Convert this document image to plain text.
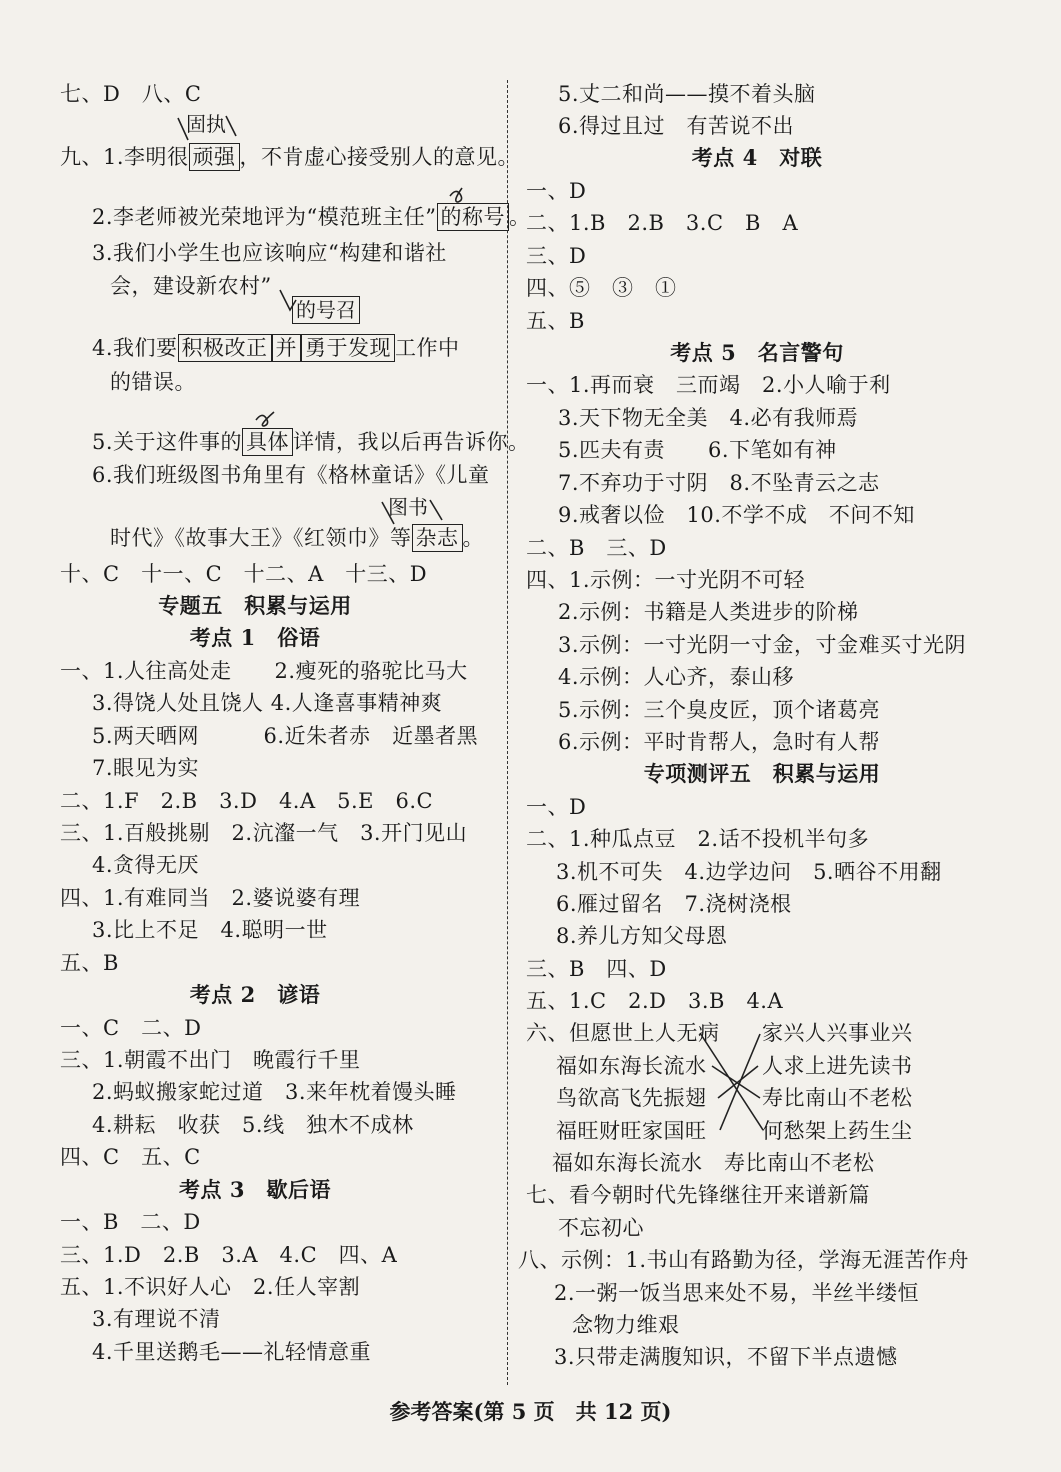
七、D　八、C
固执
九、1.李明很 顽强 ，不肯虚心接受别人的意见。
2.李老师被光荣地评为“模范班主任” 的称号 。
3.我们小学生也应该响应“构建和谐社
会，建设新农村”
的号召
4.我们要 积极改正 并 勇于发现 工作中
的错误。
5.关于这件事的 具体 详情，我以后再告诉你。
6.我们班级图书角里有《格林童话》《儿童
图书
时代》《故事大王》《红领巾》等 杂志 。
十、C　十一、C　十二、A　十三、D
专题五　积累与运用
考点 1　俗语
一、1.人往高处走　　2.瘦死的骆驼比马大
3.得饶人处且饶人 4.人逢喜事精神爽
5.两天晒网　　　6.近朱者赤　近墨者黑
7.眼见为实
二、1.F　2.B　3.D　4.A　5.E　6.C
三、1.百般挑剔　2.沆瀣一气　3.开门见山
4.贪得无厌
四、1.有难同当　2.婆说婆有理
3.比上不足　4.聪明一世
五、B
考点 2　谚语
一、C　二、D
三、1.朝霞不出门　晚霞行千里
2.蚂蚁搬家蛇过道　3.来年枕着馒头睡
4.耕耘　收获　5.线　独木不成林
四、C　五、C
考点 3　歇后语
一、B　二、D
三、1.D　2.B　3.A　4.C　四、A
五、1.不识好人心　2.任人宰割
3.有理说不清
4.千里送鹅毛——礼轻情意重
5.丈二和尚——摸不着头脑
6.得过且过　有苦说不出
考点 4　对联
一、D
二、1.B　2.B　3.C　B　A
三、D
四、⑤　③　①
五、B
考点 5　名言警句
一、1.再而衰　三而竭　2.小人喻于利
3.天下物无全美　4.必有我师焉
5.匹夫有责　　6.下笔如有神
7.不弃功于寸阴　8.不坠青云之志
9.戒奢以俭　10.不学不成　不问不知
二、B　三、D
四、1.示例：一寸光阴不可轻
2.示例：书籍是人类进步的阶梯
3.示例：一寸光阴一寸金，寸金难买寸光阴
4.示例：人心齐，泰山移
5.示例：三个臭皮匠，顶个诸葛亮
6.示例：平时肯帮人，急时有人帮
专项测评五　积累与运用
一、D
二、1.种瓜点豆　2.话不投机半句多
3.机不可失　4.边学边问　5.晒谷不用翻
6.雁过留名　7.浇树浇根
8.养儿方知父母恩
三、B　四、D
五、1.C　2.D　3.B　4.A
六、但愿世上人无病
福如东海长流水
鸟欲高飞先振翅
福旺财旺家国旺
家兴人兴事业兴
人求上进先读书
寿比南山不老松
何愁架上药生尘
福如东海长流水　寿比南山不老松
七、看今朝时代先锋继往开来谱新篇
不忘初心
八、示例：1.书山有路勤为径，学海无涯苦作舟
2.一粥一饭当思来处不易，半丝半缕恒
念物力维艰
3.只带走满腹知识，不留下半点遗憾
参考答案(第 5 页　共 12 页)
